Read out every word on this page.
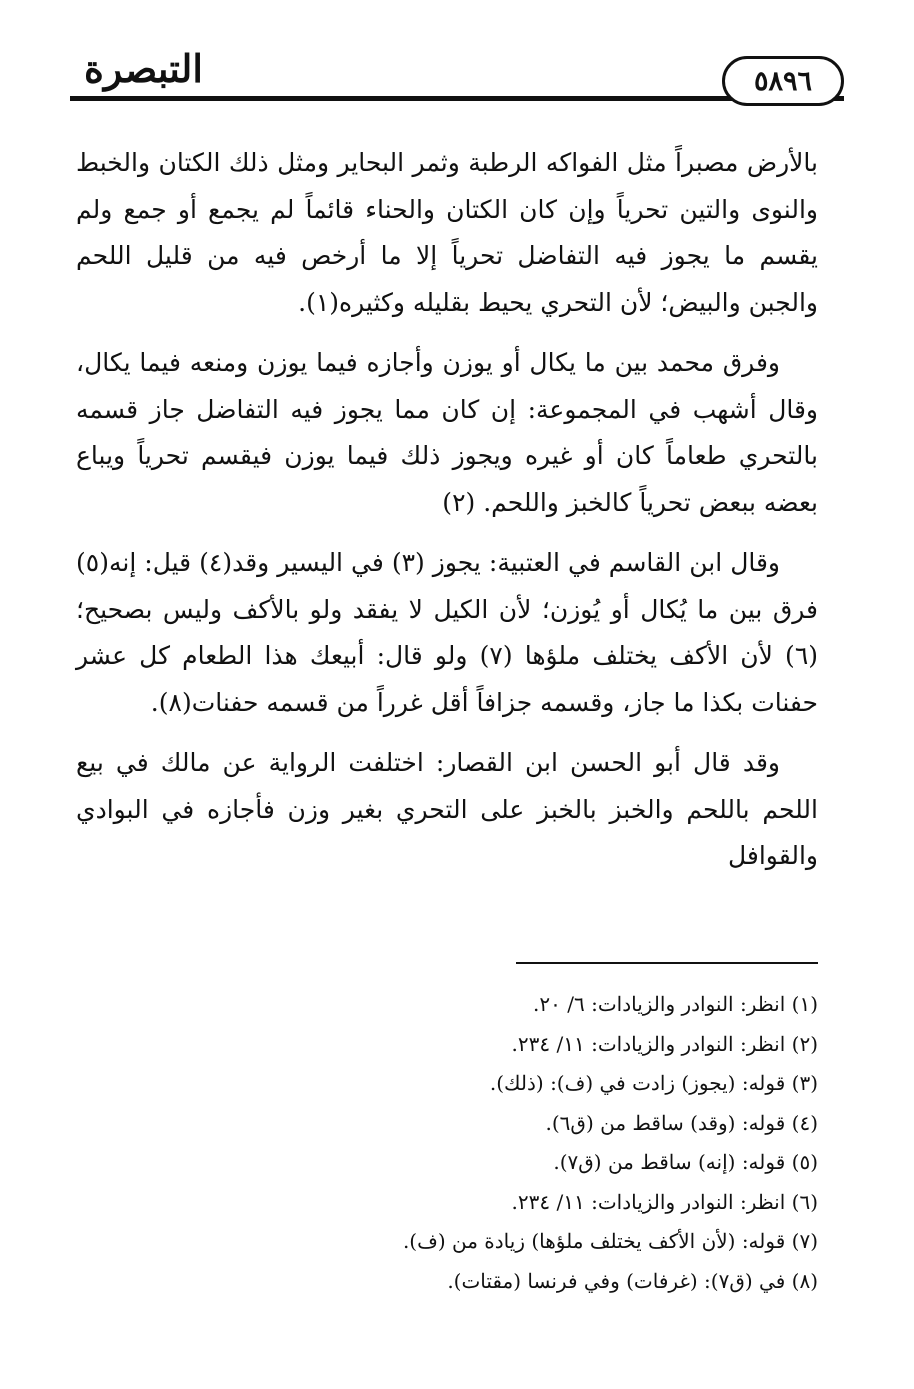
التبصرة	٥٨٩٦

بالأرض مصبراً مثل الفواكه الرطبة وثمر البحاير ومثل ذلك الكتان والخبط والنوى والتين تحرياً وإن كان الكتان والحناء قائماً لم يجمع أو جمع ولم يقسم ما يجوز فيه التفاضل تحرياً إلا ما أرخص فيه من قليل اللحم والجبن والبيض؛ لأن التحري يحيط بقليله وكثيره(١).

وفرق محمد بين ما يكال أو يوزن وأجازه فيما يوزن ومنعه فيما يكال، وقال أشهب في المجموعة: إن كان مما يجوز فيه التفاضل جاز قسمه بالتحري طعاماً كان أو غيره ويجوز ذلك فيما يوزن فيقسم تحرياً ويباع بعضه ببعض تحرياً كالخبز واللحم. (٢)

وقال ابن القاسم في العتبية: يجوز (٣) في اليسير وقد(٤) قيل: إنه(٥) فرق بين ما يُكال أو يُوزن؛ لأن الكيل لا يفقد ولو بالأكف وليس بصحيح؛ (٦) لأن الأكف يختلف ملؤها (٧) ولو قال: أبيعك هذا الطعام كل عشر حفنات بكذا ما جاز، وقسمه جزافاً أقل غرراً من قسمه حفنات(٨).

وقد قال أبو الحسن ابن القصار: اختلفت الرواية عن مالك في بيع اللحم باللحم والخبز بالخبز على التحري بغير وزن فأجازه في البوادي والقوافل

(١) انظر: النوادر والزيادات: ٦/ ٢٠.

(٢) انظر: النوادر والزيادات: ١١/ ٢٣٤.

(٣) قوله: (يجوز) زادت في (ف): (ذلك).

(٤) قوله: (وقد) ساقط من (ق٦).

(٥) قوله: (إنه) ساقط من (ق٧).

(٦) انظر: النوادر والزيادات: ١١/ ٢٣٤.

(٧) قوله: (لأن الأكف يختلف ملؤها) زيادة من (ف).

(٨) في (ق٧): (غرفات) وفي فرنسا (مقتات).
